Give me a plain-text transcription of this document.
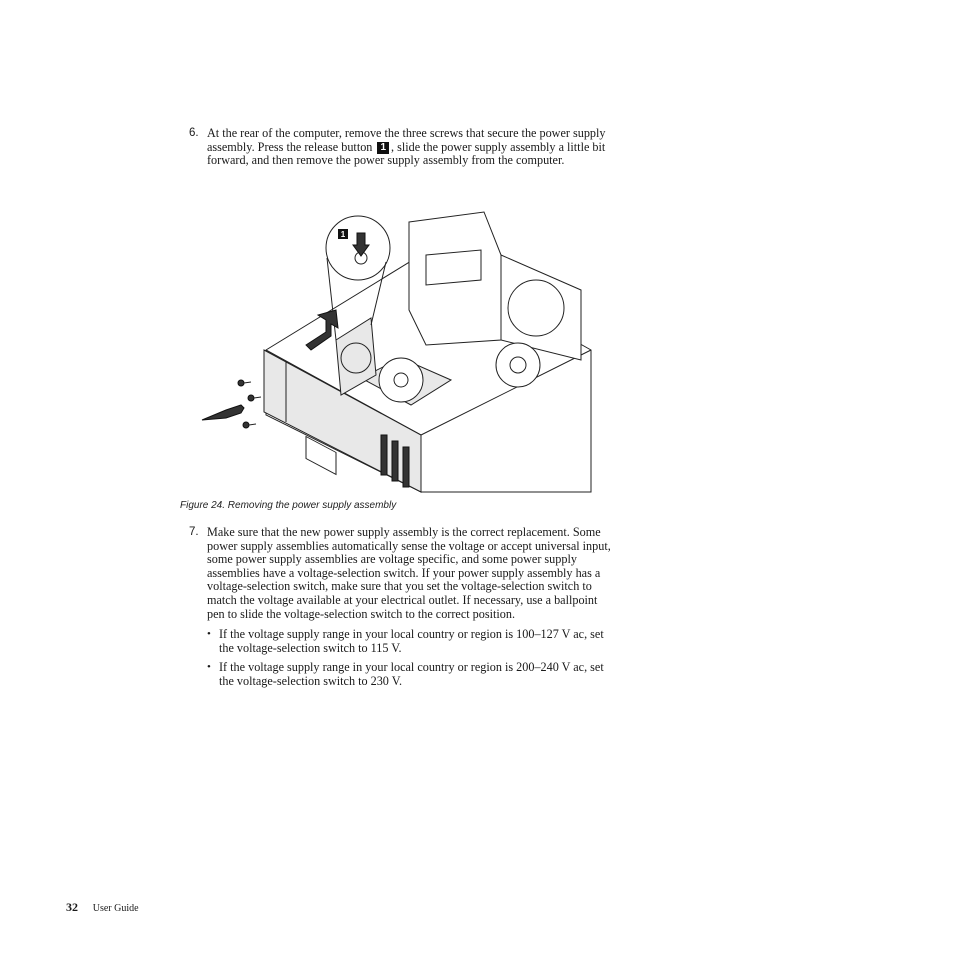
6. At the rear of the computer, remove the three screws that secure the power supply assembly. Press the release button 1 , slide the power supply assembly a little bit forward, and then remove the power supply assembly from the computer.
1
Figure 24. Removing the power supply assembly
7. Make sure that the new power supply assembly is the correct replacement. Some power supply assemblies automatically sense the voltage or accept universal input, some power supply assemblies are voltage specific, and some power supply assemblies have a voltage-selection switch. If your power supply assembly has a voltage-selection switch, make sure that you set the voltage-selection switch to match the voltage available at your electrical outlet. If necessary, use a ballpoint pen to slide the voltage-selection switch to the correct position.
• If the voltage supply range in your local country or region is 100–127 V ac, set the voltage-selection switch to 115 V.
• If the voltage supply range in your local country or region is 200–240 V ac, set the voltage-selection switch to 230 V.
32 User Guide
